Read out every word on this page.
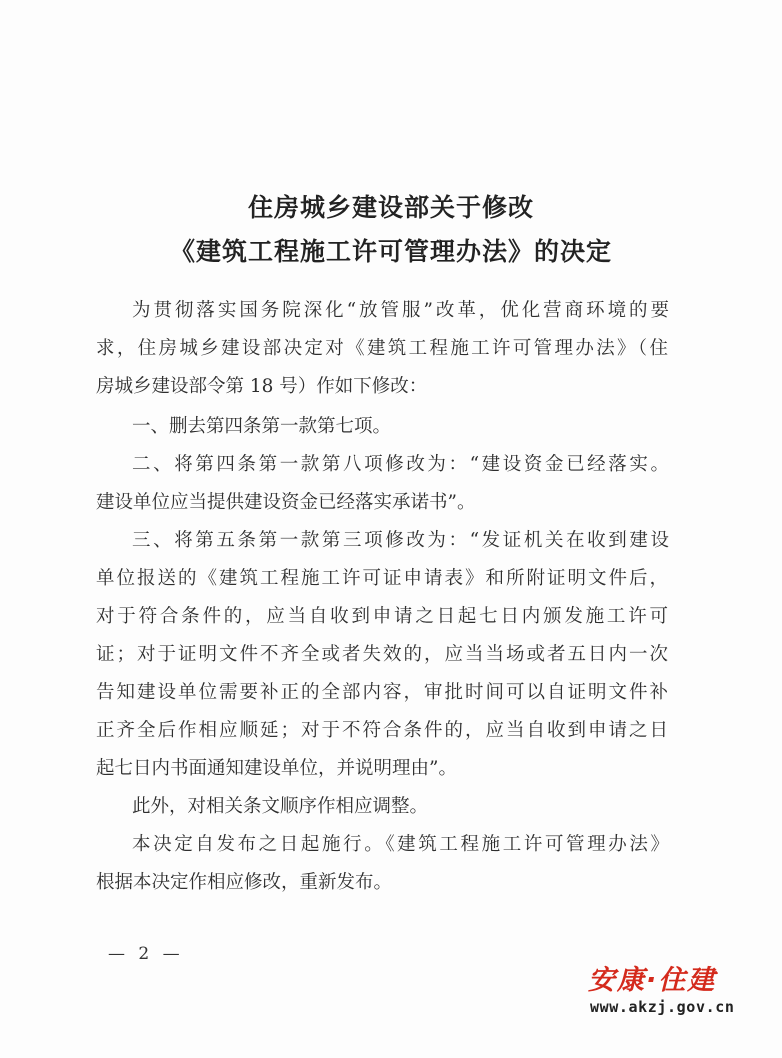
住房城乡建设部关于修改
《建筑工程施工许可管理办法》的决定
为贯彻落实国务院深化“放管服”改革，优化营商环境的要
求，住房城乡建设部决定对《建筑工程施工许可管理办法》（住
房城乡建设部令第 18 号）作如下修改：
一、删去第四条第一款第七项。
二、将第四条第一款第八项修改为：“建设资金已经落实。
建设单位应当提供建设资金已经落实承诺书”。
三、将第五条第一款第三项修改为：“发证机关在收到建设
单位报送的《建筑工程施工许可证申请表》和所附证明文件后，
对于符合条件的，应当自收到申请之日起七日内颁发施工许可
证；对于证明文件不齐全或者失效的，应当当场或者五日内一次
告知建设单位需要补正的全部内容，审批时间可以自证明文件补
正齐全后作相应顺延；对于不符合条件的，应当自收到申请之日
起七日内书面通知建设单位，并说明理由”。
此外，对相关条文顺序作相应调整。
本决定自发布之日起施行。《建筑工程施工许可管理办法》
根据本决定作相应修改，重新发布。
— 2 —
安康·住建
www.akzj.gov.cn
